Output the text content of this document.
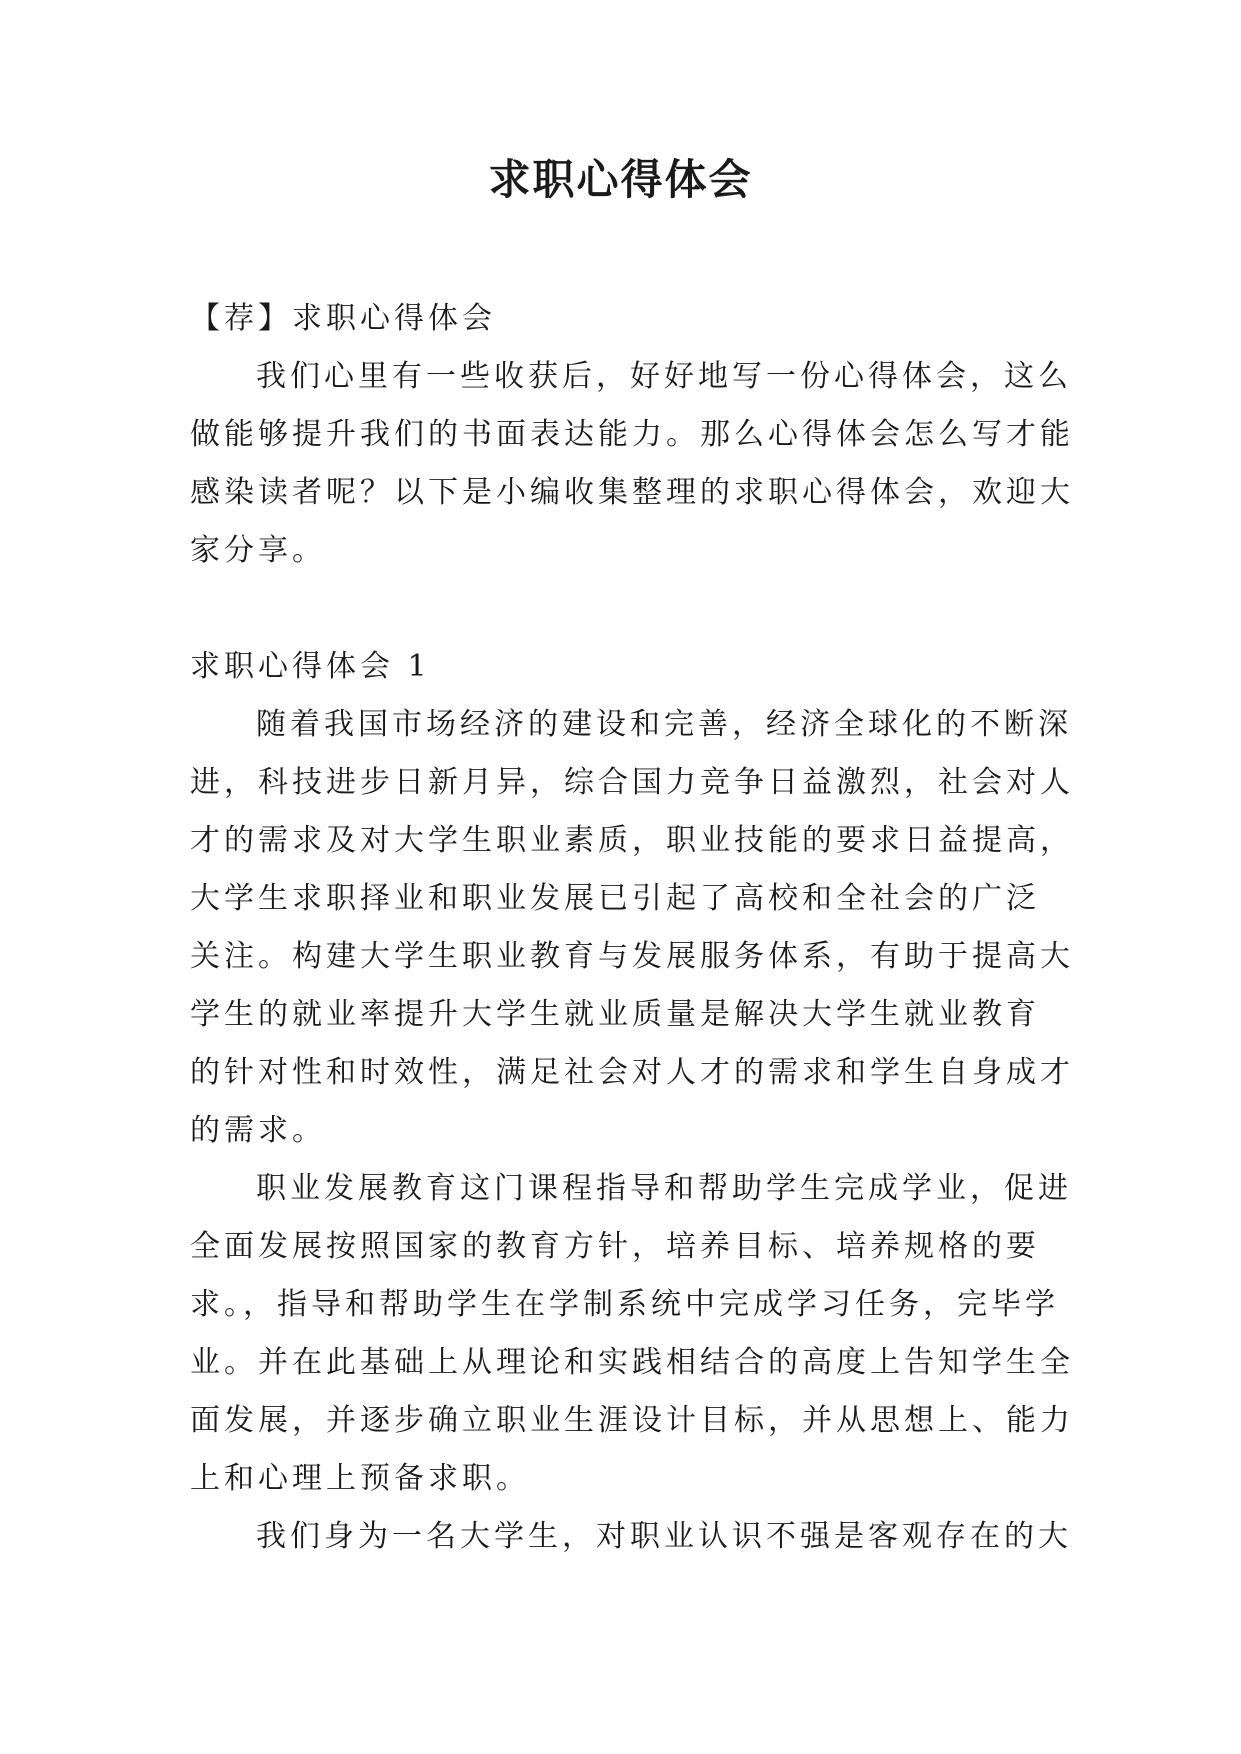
求职心得体会

【荐】求职心得体会

我们心里有一些收获后，好好地写一份心得体会，这么

做能够提升我们的书面表达能力。那么心得体会怎么写才能

感染读者呢？以下是小编收集整理的求职心得体会，欢迎大

家分享。

求职心得体会 1

随着我国市场经济的建设和完善，经济全球化的不断深

进，科技进步日新月异，综合国力竞争日益激烈，社会对人

才的需求及对大学生职业素质，职业技能的要求日益提高，

大学生求职择业和职业发展已引起了高校和全社会的广泛

关注。构建大学生职业教育与发展服务体系，有助于提高大

学生的就业率提升大学生就业质量是解决大学生就业教育

的针对性和时效性，满足社会对人才的需求和学生自身成才

的需求。

职业发展教育这门课程指导和帮助学生完成学业，促进

全面发展按照国家的教育方针，培养目标、培养规格的要

求。，指导和帮助学生在学制系统中完成学习任务，完毕学

业。并在此基础上从理论和实践相结合的高度上告知学生全

面发展，并逐步确立职业生涯设计目标，并从思想上、能力

上和心理上预备求职。

我们身为一名大学生，对职业认识不强是客观存在的大
